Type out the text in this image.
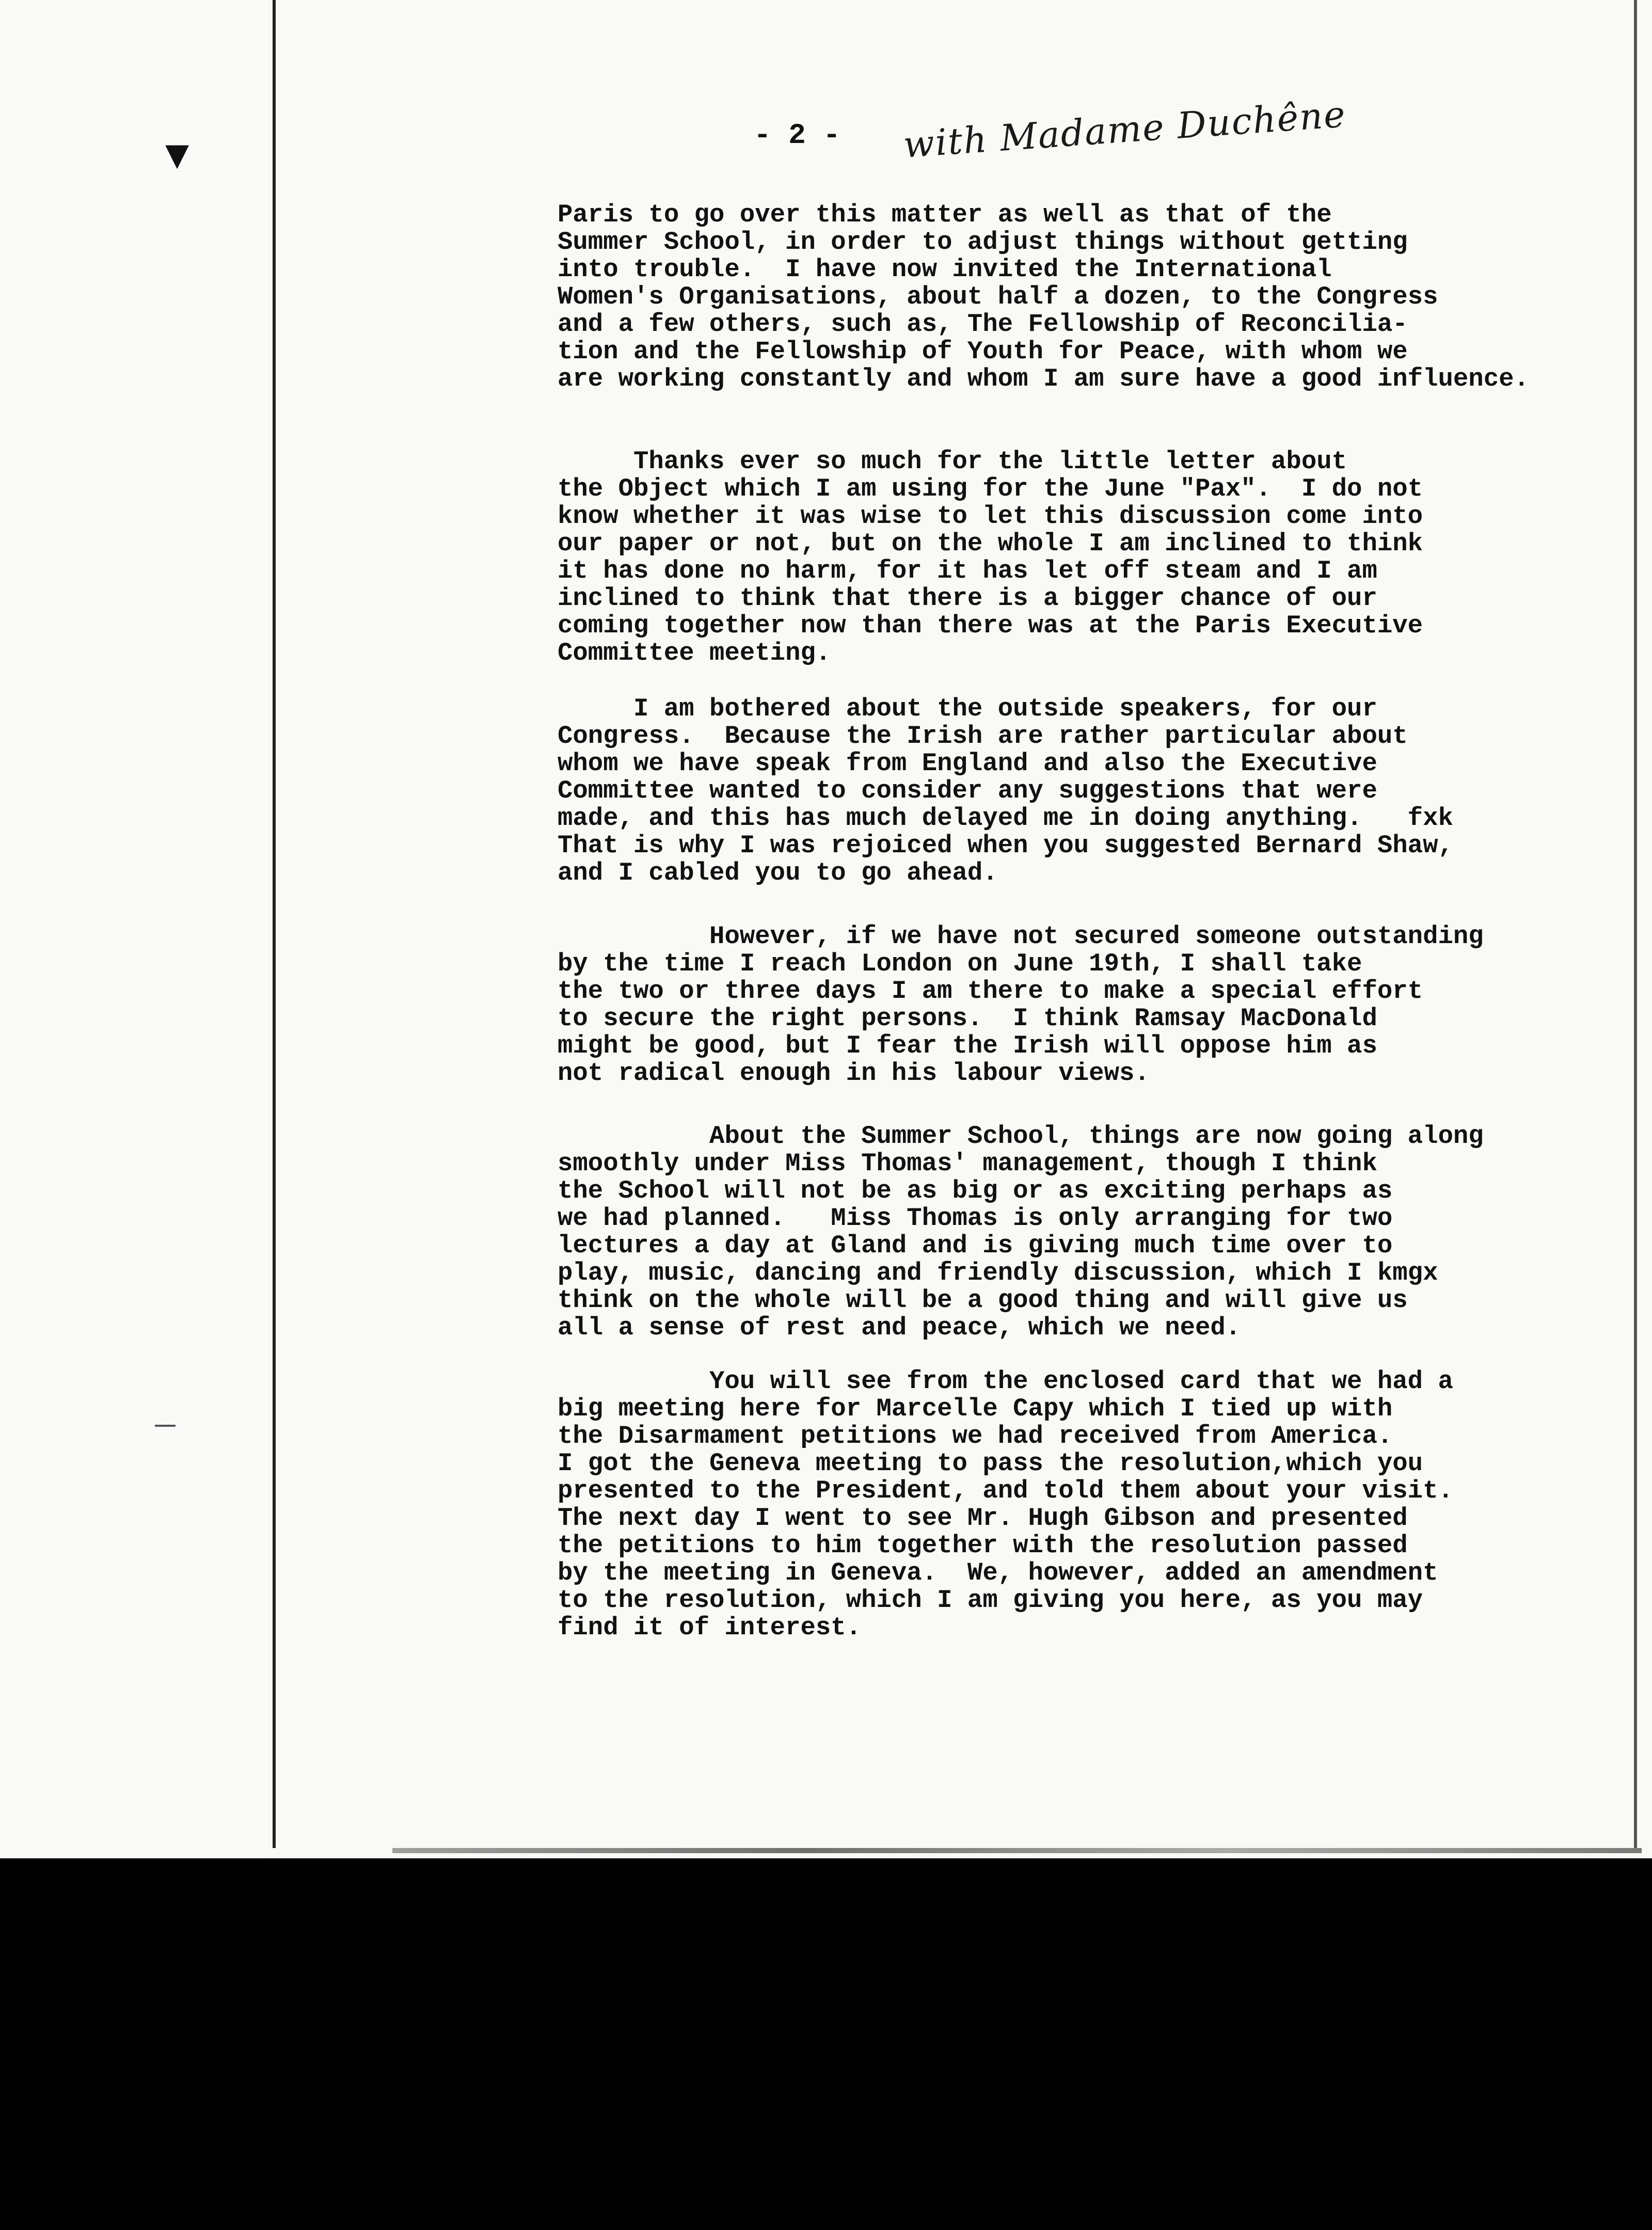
▼
- 2 - with Madame Duchêne
Paris to go over this matter as well as that of the
Summer School, in order to adjust things without getting
into trouble.  I have now invited the International
Women's Organisations, about half a dozen, to the Congress
and a few others, such as, The Fellowship of Reconcilia-
tion and the Fellowship of Youth for Peace, with whom we
are working constantly and whom I am sure have a good influence.
Thanks ever so much for the little letter about
the Object which I am using for the June "Pax".  I do not
know whether it was wise to let this discussion come into
our paper or not, but on the whole I am inclined to think
it has done no harm, for it has let off steam and I am
inclined to think that there is a bigger chance of our
coming together now than there was at the Paris Executive
Committee meeting.
I am bothered about the outside speakers, for our
Congress.  Because the Irish are rather particular about
whom we have speak from England and also the Executive
Committee wanted to consider any suggestions that were
made, and this has much delayed me in doing anything.   fxk
That is why I was rejoiced when you suggested Bernard Shaw,
and I cabled you to go ahead.
However, if we have not secured someone outstanding
by the time I reach London on June 19th, I shall take
the two or three days I am there to make a special effort
to secure the right persons.  I think Ramsay MacDonald
might be good, but I fear the Irish will oppose him as
not radical enough in his labour views.
About the Summer School, things are now going along
smoothly under Miss Thomas' management, though I think
the School will not be as big or as exciting perhaps as
we had planned.   Miss Thomas is only arranging for two
lectures a day at Gland and is giving much time over to
play, music, dancing and friendly discussion, which I kmgx
think on the whole will be a good thing and will give us
all a sense of rest and peace, which we need.
You will see from the enclosed card that we had a
big meeting here for Marcelle Capy which I tied up with
the Disarmament petitions we had received from America.
I got the Geneva meeting to pass the resolution,which you
presented to the President, and told them about your visit.
The next day I went to see Mr. Hugh Gibson and presented
the petitions to him together with the resolution passed
by the meeting in Geneva.  We, however, added an amendment
to the resolution, which I am giving you here, as you may
find it of interest.
